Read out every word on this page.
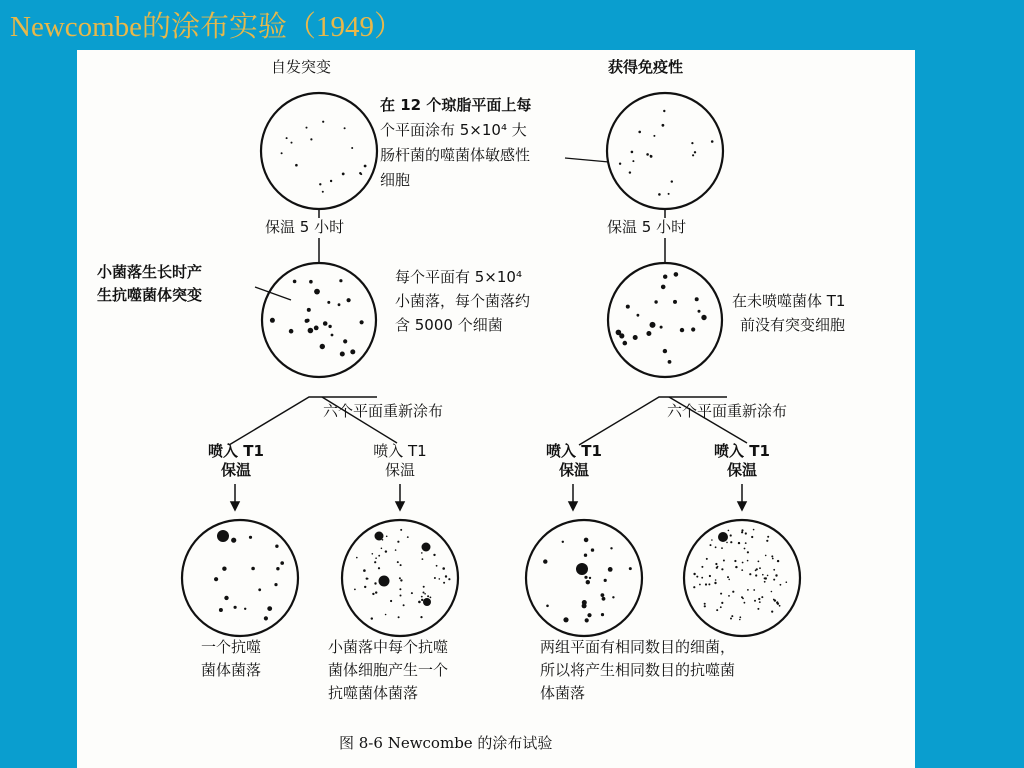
Newcombe的涂布实验（1949）
自发突变	获得免疫性
在 12 个琼脂平面上每
个平面涂布 5×10⁴ 大
肠杆菌的噬菌体敏感性
细胞
保温 5 小时	保温 5 小时
小菌落生长时产
生抗噬菌体突变
每个平面有 5×10⁴
小菌落，每个菌落约
含 5000 个细菌
在未喷噬菌体 T1
前没有突变细胞
六个平面重新涂布	六个平面重新涂布
喷入 T1
保温
喷入 T1
保温
喷入 T1
保温
喷入 T1
保温
一个抗噬
菌体菌落
小菌落中每个抗噬
菌体细胞产生一个
抗噬菌体菌落
两组平面有相同数目的细菌，
所以将产生相同数目的抗噬菌
体菌落
图 8-6 Newcombe 的涂布试验
